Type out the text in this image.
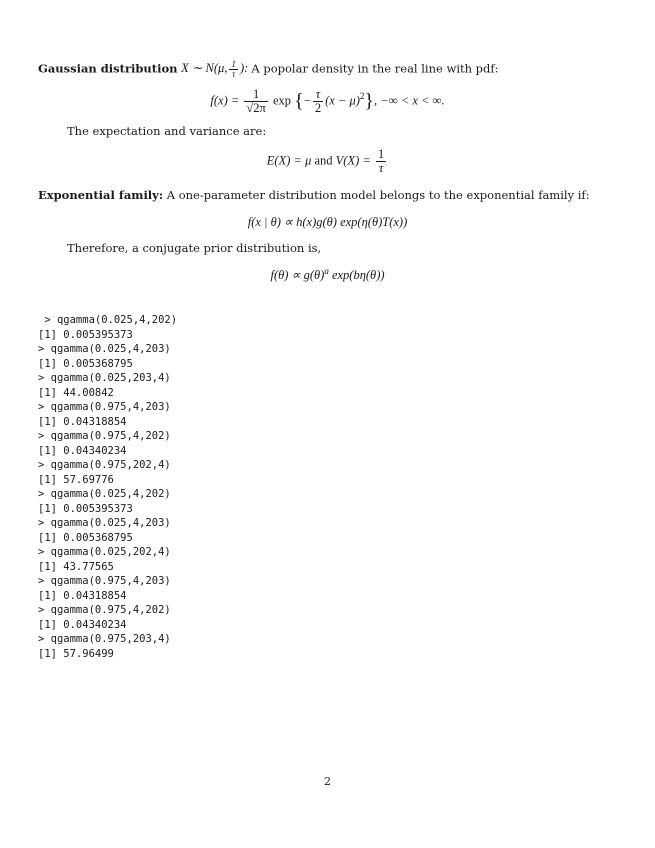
Gaussian distribution X ∼ N(μ, $\frac{1}{\tau}$ ): A popolar density in the real line with pdf:
$f(x) = \frac{1}{√2\pi}$ exp {− $\frac{\tau}{2} (x - \mu)^2$}, −∞ < x < ∞.
The expectation and variance are:
E(X) = μ and $V(X) = \frac{1}{\tau}$
Exponential family: A one-parameter distribution model belongs to the exponential family if:
f(x | θ) ∝ h(x)g(θ) exp(η(θ)T(x))
Therefore, a conjugate prior distribution is,
$f(\theta) \propto g(\theta)^a$ exp(bη(θ))
> qgamma(0.025,4,202)
[1] 0.005395373
> qgamma(0.025,4,203)
[1] 0.005368795
> qgamma(0.025,203,4)
[1] 44.00842
> qgamma(0.975,4,203)
[1] 0.04318854
> qgamma(0.975,4,202)
[1] 0.04340234
> qgamma(0.975,202,4)
[1] 57.69776
> qgamma(0.025,4,202)
[1] 0.005395373
> qgamma(0.025,4,203)
[1] 0.005368795
> qgamma(0.025,202,4)
[1] 43.77565
> qgamma(0.975,4,203)
[1] 0.04318854
> qgamma(0.975,4,202)
[1] 0.04340234
> qgamma(0.975,203,4)
[1] 57.96499
2
